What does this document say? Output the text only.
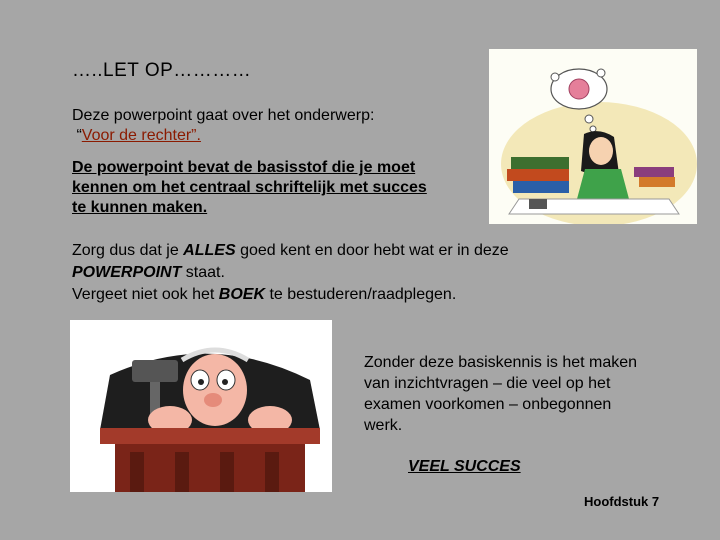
…..LET OP…………
Deze powerpoint gaat over het onderwerp:
“Voor de rechter”.
De powerpoint bevat de basisstof die je moet
kennen om het centraal schriftelijk met succes
te kunnen maken.
Zorg dus dat je ALLES goed kent en door hebt wat er in deze
POWERPOINT staat.
Vergeet niet ook het BOEK te bestuderen/raadplegen.
Zonder deze basiskennis is het maken
van inzichtvragen – die veel op het
examen voorkomen – onbegonnen
werk.
VEEL SUCCES
Hoofdstuk 7
